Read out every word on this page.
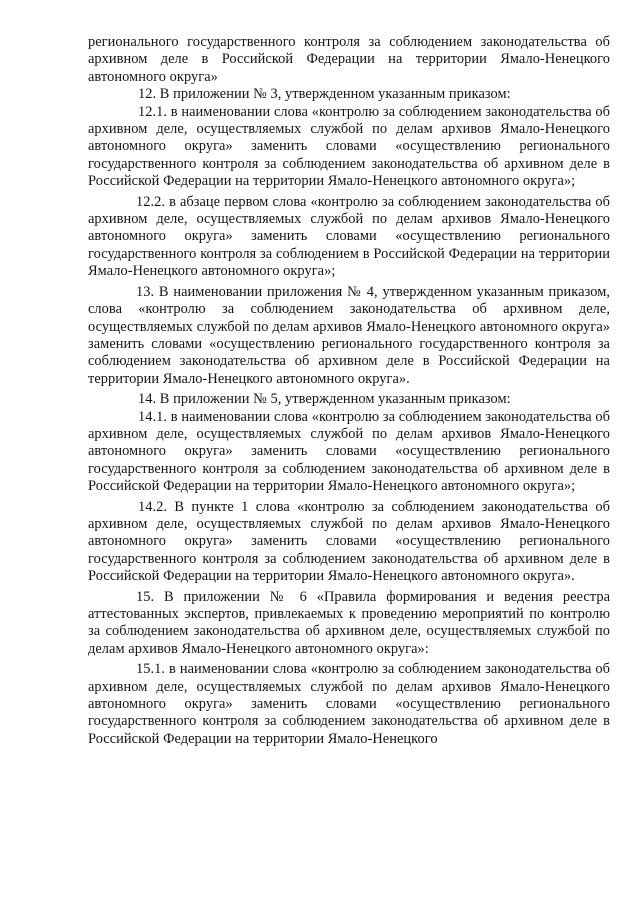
регионального государственного контроля за соблюдением законодательства об архивном деле в Российской Федерации на территории Ямало-Ненецкого автономного округа»

12. В приложении № 3, утвержденном указанным приказом:

12.1. в наименовании слова «контролю за соблюдением законодательства об архивном деле, осуществляемых службой по делам архивов Ямало-Ненецкого автономного округа» заменить словами «осуществлению регионального государственного контроля за соблюдением законодательства об архивном деле в Российской Федерации на территории Ямало-Ненецкого автономного округа»;

12.2. в абзаце первом слова «контролю за соблюдением законодательства об архивном деле, осуществляемых службой по делам архивов Ямало-Ненецкого автономного округа» заменить словами «осуществлению регионального государственного контроля за соблюдением в Российской Федерации на территории Ямало-Ненецкого автономного округа»;

13. В наименовании приложения № 4, утвержденном указанным приказом, слова «контролю за соблюдением законодательства об архивном деле, осуществляемых службой по делам архивов Ямало-Ненецкого автономного округа» заменить словами «осуществлению регионального государственного контроля за соблюдением законодательства об архивном деле в Российской Федерации на территории Ямало-Ненецкого автономного округа».

14. В приложении № 5, утвержденном указанным приказом:

14.1. в наименовании слова «контролю за соблюдением законодательства об архивном деле, осуществляемых службой по делам архивов Ямало-Ненецкого автономного округа» заменить словами «осуществлению регионального государственного контроля за соблюдением законодательства об архивном деле в Российской Федерации на территории Ямало-Ненецкого автономного округа»;

14.2. В пункте 1 слова «контролю за соблюдением законодательства об архивном деле, осуществляемых службой по делам архивов Ямало-Ненецкого автономного округа» заменить словами «осуществлению регионального государственного контроля за соблюдением законодательства об архивном деле в Российской Федерации на территории Ямало-Ненецкого автономного округа».

15. В приложении № 6 «Правила формирования и ведения реестра аттестованных экспертов, привлекаемых к проведению мероприятий по контролю за соблюдением законодательства об архивном деле, осуществляемых службой по делам архивов Ямало-Ненецкого автономного округа»:

15.1. в наименовании слова «контролю за соблюдением законодательства об архивном деле, осуществляемых службой по делам архивов Ямало-Ненецкого автономного округа» заменить словами «осуществлению регионального государственного контроля за соблюдением законодательства об архивном деле в Российской Федерации на территории Ямало-Ненецкого
